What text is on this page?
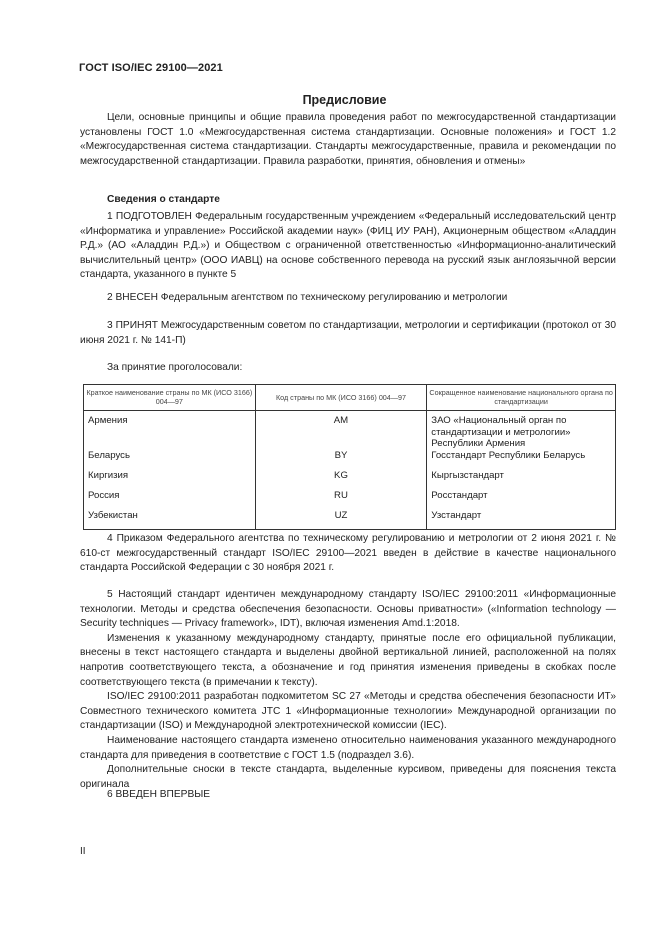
ГОСТ ISO/IEC 29100—2021
Предисловие
Цели, основные принципы и общие правила проведения работ по межгосударственной стандартизации установлены ГОСТ 1.0 «Межгосударственная система стандартизации. Основные положения» и ГОСТ 1.2 «Межгосударственная система стандартизации. Стандарты межгосударственные, правила и рекомендации по межгосударственной стандартизации. Правила разработки, принятия, обновления и отмены»
Сведения о стандарте
1 ПОДГОТОВЛЕН Федеральным государственным учреждением «Федеральный исследовательский центр «Информатика и управление» Российской академии наук» (ФИЦ ИУ РАН), Акционерным обществом «Аладдин Р.Д.» (АО «Аладдин Р.Д.») и Обществом с ограниченной ответственностью «Информационно-аналитический вычислительный центр» (ООО ИАВЦ) на основе собственного перевода на русский язык англоязычной версии стандарта, указанного в пункте 5
2 ВНЕСЕН Федеральным агентством по техническому регулированию и метрологии
3 ПРИНЯТ Межгосударственным советом по стандартизации, метрологии и сертификации (протокол от 30 июня 2021 г. № 141-П)
За принятие проголосовали:
Краткое наименование страны по МК (ИСО 3166) 004—97	Код страны по МК (ИСО 3166) 004—97	Сокращенное наименование национального органа по стандартизации
Армения	AM	ЗАО «Национальный орган по стандартизации и метрологии» Республики Армения
Беларусь	BY	Госстандарт Республики Беларусь
Киргизия	KG	Кыргызстандарт
Россия	RU	Росстандарт
Узбекистан	UZ	Узстандарт
4 Приказом Федерального агентства по техническому регулированию и метрологии от 2 июня 2021 г. № 610-ст межгосударственный стандарт ISO/IEC 29100—2021 введен в действие в качестве национального стандарта Российской Федерации с 30 ноября 2021 г.
5 Настоящий стандарт идентичен международному стандарту ISO/IEC 29100:2011 «Информационные технологии. Методы и средства обеспечения безопасности. Основы приватности» («Information technology — Security techniques — Privacy framework», IDT), включая изменения Amd.1:2018.
Изменения к указанному международному стандарту, принятые после его официальной публикации, внесены в текст настоящего стандарта и выделены двойной вертикальной линией, расположенной на полях напротив соответствующего текста, а обозначение и год принятия изменения приведены в скобках после соответствующего текста (в примечании к тексту).
ISO/IEC 29100:2011 разработан подкомитетом SC 27 «Методы и средства обеспечения безопасности ИТ» Совместного технического комитета JTC 1 «Информационные технологии» Международной организации по стандартизации (ISO) и Международной электротехнической комиссии (IEC).
Наименование настоящего стандарта изменено относительно наименования указанного международного стандарта для приведения в соответствие с ГОСТ 1.5 (подраздел 3.6).
Дополнительные сноски в тексте стандарта, выделенные курсивом, приведены для пояснения текста оригинала
6 ВВЕДЕН ВПЕРВЫЕ
II
